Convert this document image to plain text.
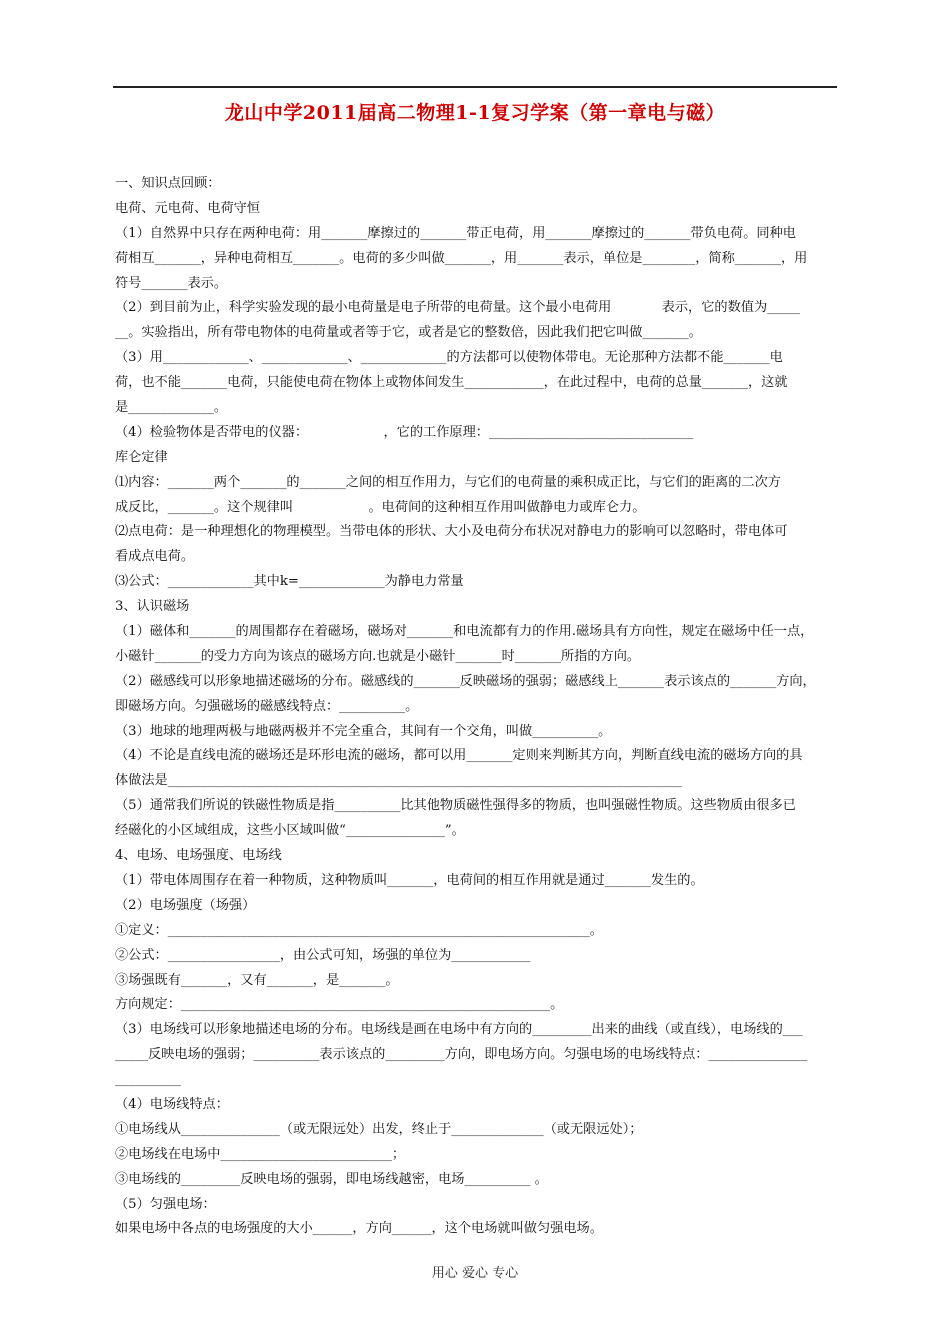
龙山中学2011届高二物理1-1复习学案（第一章电与磁）
一、知识点回顾：
电荷、元电荷、电荷守恒
（1）自然界中只存在两种电荷：用_______摩擦过的_______带正电荷，用_______摩擦过的_______带负电荷。同种电
荷相互_______，异种电荷相互_______。电荷的多少叫做_______，用_______表示，单位是________，简称_______，用
符号_______表示。
（2）到目前为止，科学实验发现的最小电荷量是电子所带的电荷量。这个最小电荷用            表示，它的数值为_____
__。实验指出，所有带电物体的电荷量或者等于它，或者是它的整数倍，因此我们把它叫做_______。
（3）用_____________、_____________、_____________的方法都可以使物体带电。无论那种方法都不能_______电
荷，也不能_______电荷，只能使电荷在物体上或物体间发生____________，在此过程中，电荷的总量_______，这就
是_____________。
（4）检验物体是否带电的仪器：                  ，它的工作原理：_______________________________
库仑定律
⑴内容：_______两个_______的_______之间的相互作用力，与它们的电荷量的乘积成正比，与它们的距离的二次方
成反比，_______。这个规律叫                  。电荷间的这种相互作用叫做静电力或库仑力。
⑵点电荷：是一种理想化的物理模型。当带电体的形状、大小及电荷分布状况对静电力的影响可以忽略时，带电体可
看成点电荷。
⑶公式：_____________其中k=_____________为静电力常量
3、认识磁场
（1）磁体和_______的周围都存在着磁场，磁场对_______和电流都有力的作用.磁场具有方向性，规定在磁场中任一点，
小磁针_______的受力方向为该点的磁场方向.也就是小磁针_______时_______所指的方向。
（2）磁感线可以形象地描述磁场的分布。磁感线的_______反映磁场的强弱；磁感线上_______表示该点的_______方向，
即磁场方向。匀强磁场的磁感线特点：__________。
（3）地球的地理两极与地磁两极并不完全重合，其间有一个交角，叫做__________。
（4）不论是直线电流的磁场还是环形电流的磁场，都可以用_______定则来判断其方向，判断直线电流的磁场方向的具
体做法是______________________________________________________________________________
（5）通常我们所说的铁磁性物质是指__________比其他物质磁性强得多的物质，也叫强磁性物质。这些物质由很多已
经磁化的小区域组成，这些小区域叫做“_______________”。
4、电场、电场强度、电场线
（1）带电体周围存在着一种物质，这种物质叫_______，电荷间的相互作用就是通过_______发生的。
（2）电场强度（场强）
①定义：________________________________________________________________。
②公式：_________________，由公式可知，场强的单位为____________
③场强既有_______，又有_______，是_______。
方向规定：________________________________________________________。
（3）电场线可以形象地描述电场的分布。电场线是画在电场中有方向的_________出来的曲线（或直线），电场线的___
_____反映电场的强弱；__________表示该点的_________方向，即电场方向。匀强电场的电场线特点：_______________
__________
（4）电场线特点：
①电场线从_______________（或无限远处）出发，终止于______________（或无限远处）；
②电场线在电场中__________________________；
③电场线的_________反映电场的强弱，即电场线越密，电场__________ 。
（5）匀强电场：
如果电场中各点的电场强度的大小______，方向______，这个电场就叫做匀强电场。
用心 爱心 专心
